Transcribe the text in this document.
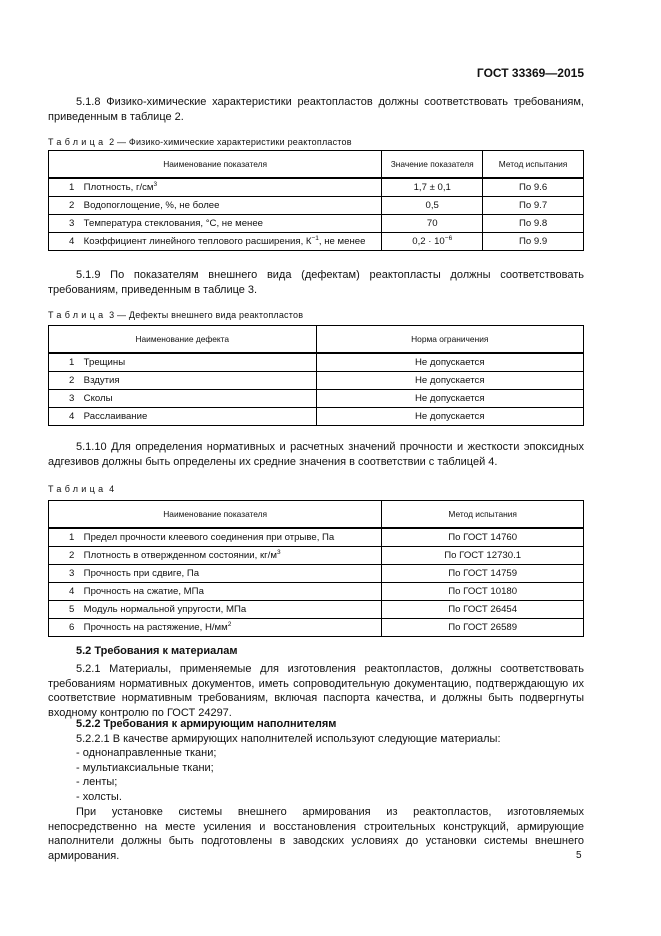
ГОСТ 33369—2015
5.1.8 Физико-химические характеристики реактопластов должны соответствовать требованиям, приведенным в таблице 2.
Таблица 2 — Физико-химические характеристики реактопластов
Наименование показателя	Значение показателя	Метод испытания
1 Плотность, $г/см^3$	1,7 ± 0,1	По 9.6
2 Водопоглощение, %, не более	0,5	По 9.7
3 Температура стеклования, °С, не менее	70	По 9.8
4 Коэффициент линейного теплового расширения, $К^{-1}$, не менее	$0,2 \cdot 10^{-6}$	По 9.9
5.1.9 По показателям внешнего вида (дефектам) реактопласты должны соответствовать требованиям, приведенным в таблице 3.
Таблица 3 — Дефекты внешнего вида реактопластов
Наименование дефекта	Норма ограничения
1 Трещины	Не допускается
2 Вздутия	Не допускается
3 Сколы	Не допускается
4 Расслаивание	Не допускается
5.1.10 Для определения нормативных и расчетных значений прочности и жесткости эпоксидных адгезивов должны быть определены их средние значения в соответствии с таблицей 4.
Таблица 4
Наименование показателя	Метод испытания
1 Предел прочности клеевого соединения при отрыве, Па	По ГОСТ 14760
2 Плотность в отвержденном состоянии, $кг/м^3$	По ГОСТ 12730.1
3 Прочность при сдвиге, Па	По ГОСТ 14759
4 Прочность на сжатие, МПа	По ГОСТ 10180
5 Модуль нормальной упругости, МПа	По ГОСТ 26454
6 Прочность на растяжение, $Н/мм^2$	По ГОСТ 26589
5.2 Требования к материалам
5.2.1 Материалы, применяемые для изготовления реактопластов, должны соответствовать требованиям нормативных документов, иметь сопроводительную документацию, подтверждающую их соответствие нормативным требованиям, включая паспорта качества, и должны быть подвергнуты входному контролю по ГОСТ 24297.
5.2.2 Требования к армирующим наполнителям
5.2.2.1 В качестве армирующих наполнителей используют следующие материалы:
- однонаправленные ткани;
- мультиаксиальные ткани;
- ленты;
- холсты.
При установке системы внешнего армирования из реактопластов, изготовляемых непосредственно на месте усиления и восстановления строительных конструкций, армирующие наполнители должны быть подготовлены в заводских условиях до установки системы внешнего армирования.	5
